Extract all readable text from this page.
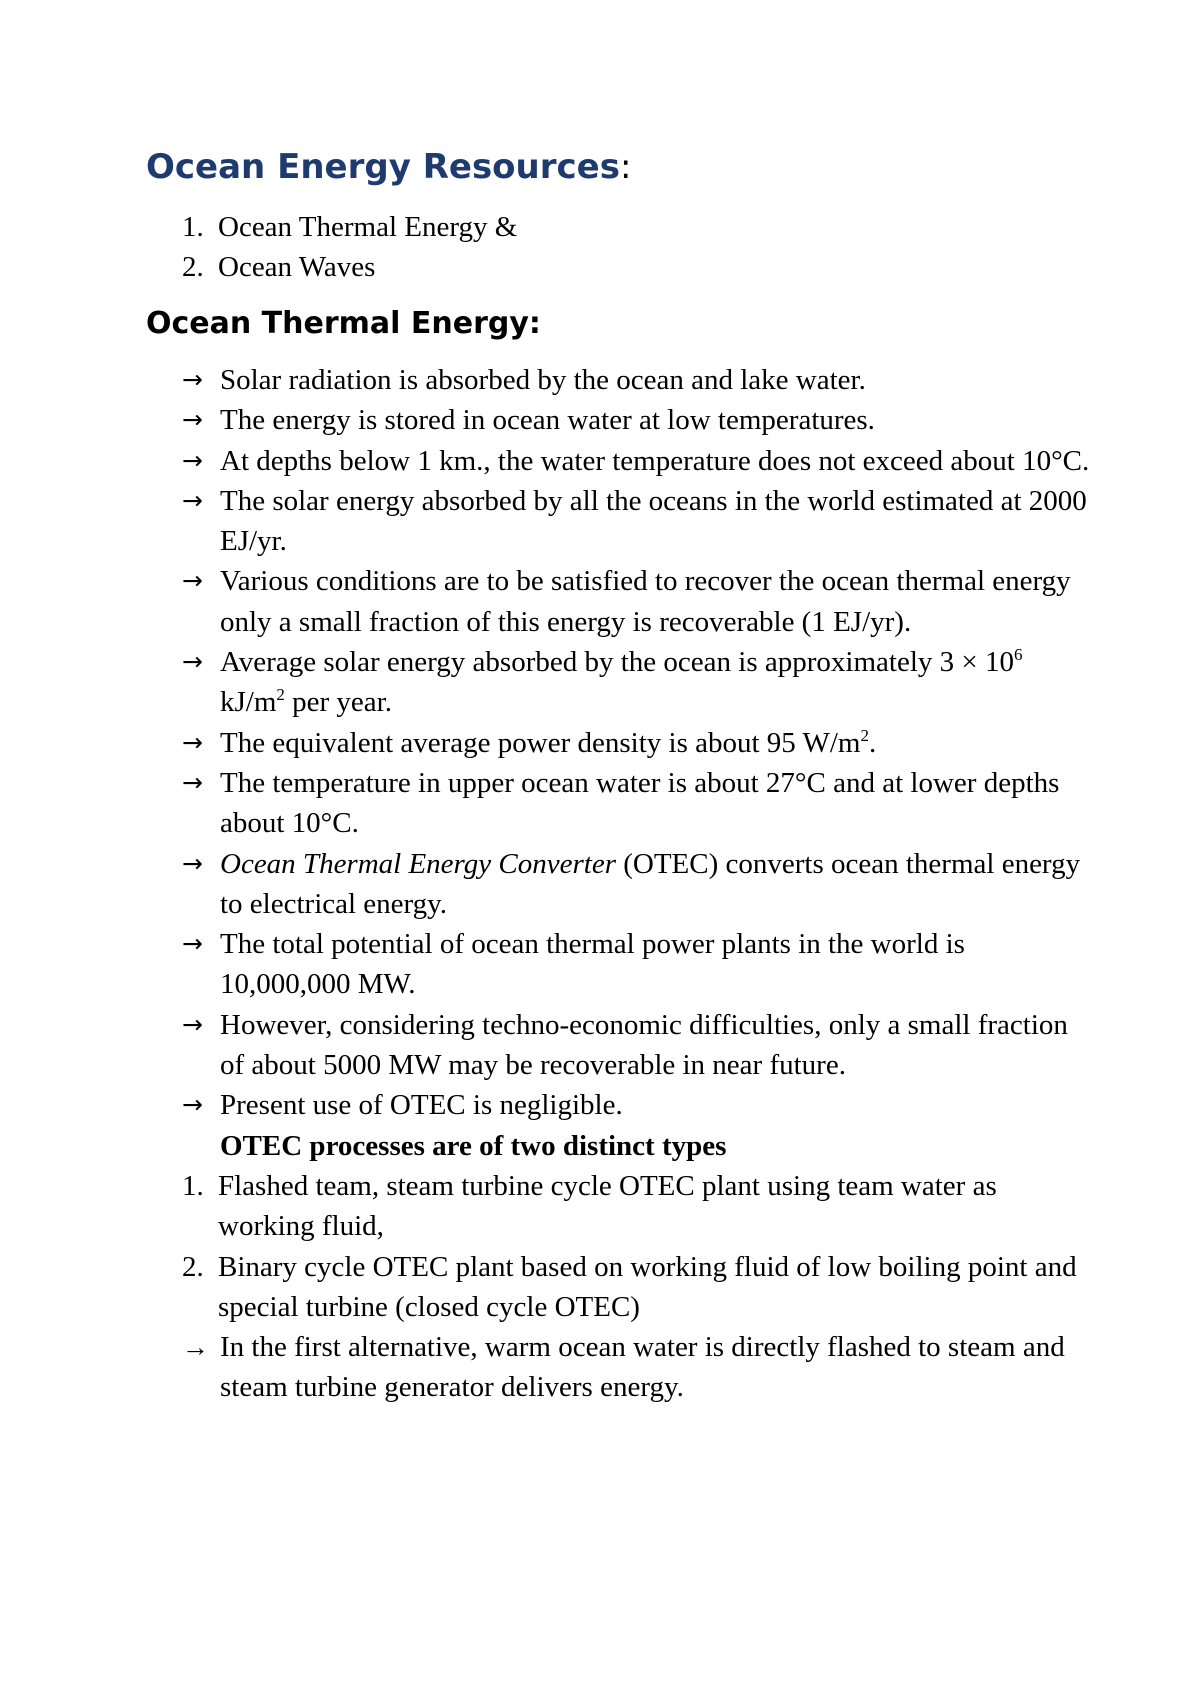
Ocean Energy Resources:
1. Ocean Thermal Energy &
2. Ocean Waves
Ocean Thermal Energy:
→ Solar radiation is absorbed by the ocean and lake water.
→ The energy is stored in ocean water at low temperatures.
→ At depths below 1 km., the water temperature does not exceed about 10°C.
→ The solar energy absorbed by all the oceans in the world estimated at 2000 EJ/yr.
→ Various conditions are to be satisfied to recover the ocean thermal energy only a small fraction of this energy is recoverable (1 EJ/yr).
→ Average solar energy absorbed by the ocean is approximately $3 \times 10^6$ $kJ/m^2$ per year.
→ The equivalent average power density is about 95 $W/m^2$.
→ The temperature in upper ocean water is about 27°C and at lower depths about 10°C.
→ Ocean Thermal Energy Converter (OTEC) converts ocean thermal energy to electrical energy.
→ The total potential of ocean thermal power plants in the world is 10,000,000 MW.
→ However, considering techno-economic difficulties, only a small fraction of about 5000 MW may be recoverable in near future.
→ Present use of OTEC is negligible.
OTEC processes are of two distinct types
1. Flashed team, steam turbine cycle OTEC plant using team water as working fluid,
2. Binary cycle OTEC plant based on working fluid of low boiling point and special turbine (closed cycle OTEC)
→ In the first alternative, warm ocean water is directly flashed to steam and steam turbine generator delivers energy.
